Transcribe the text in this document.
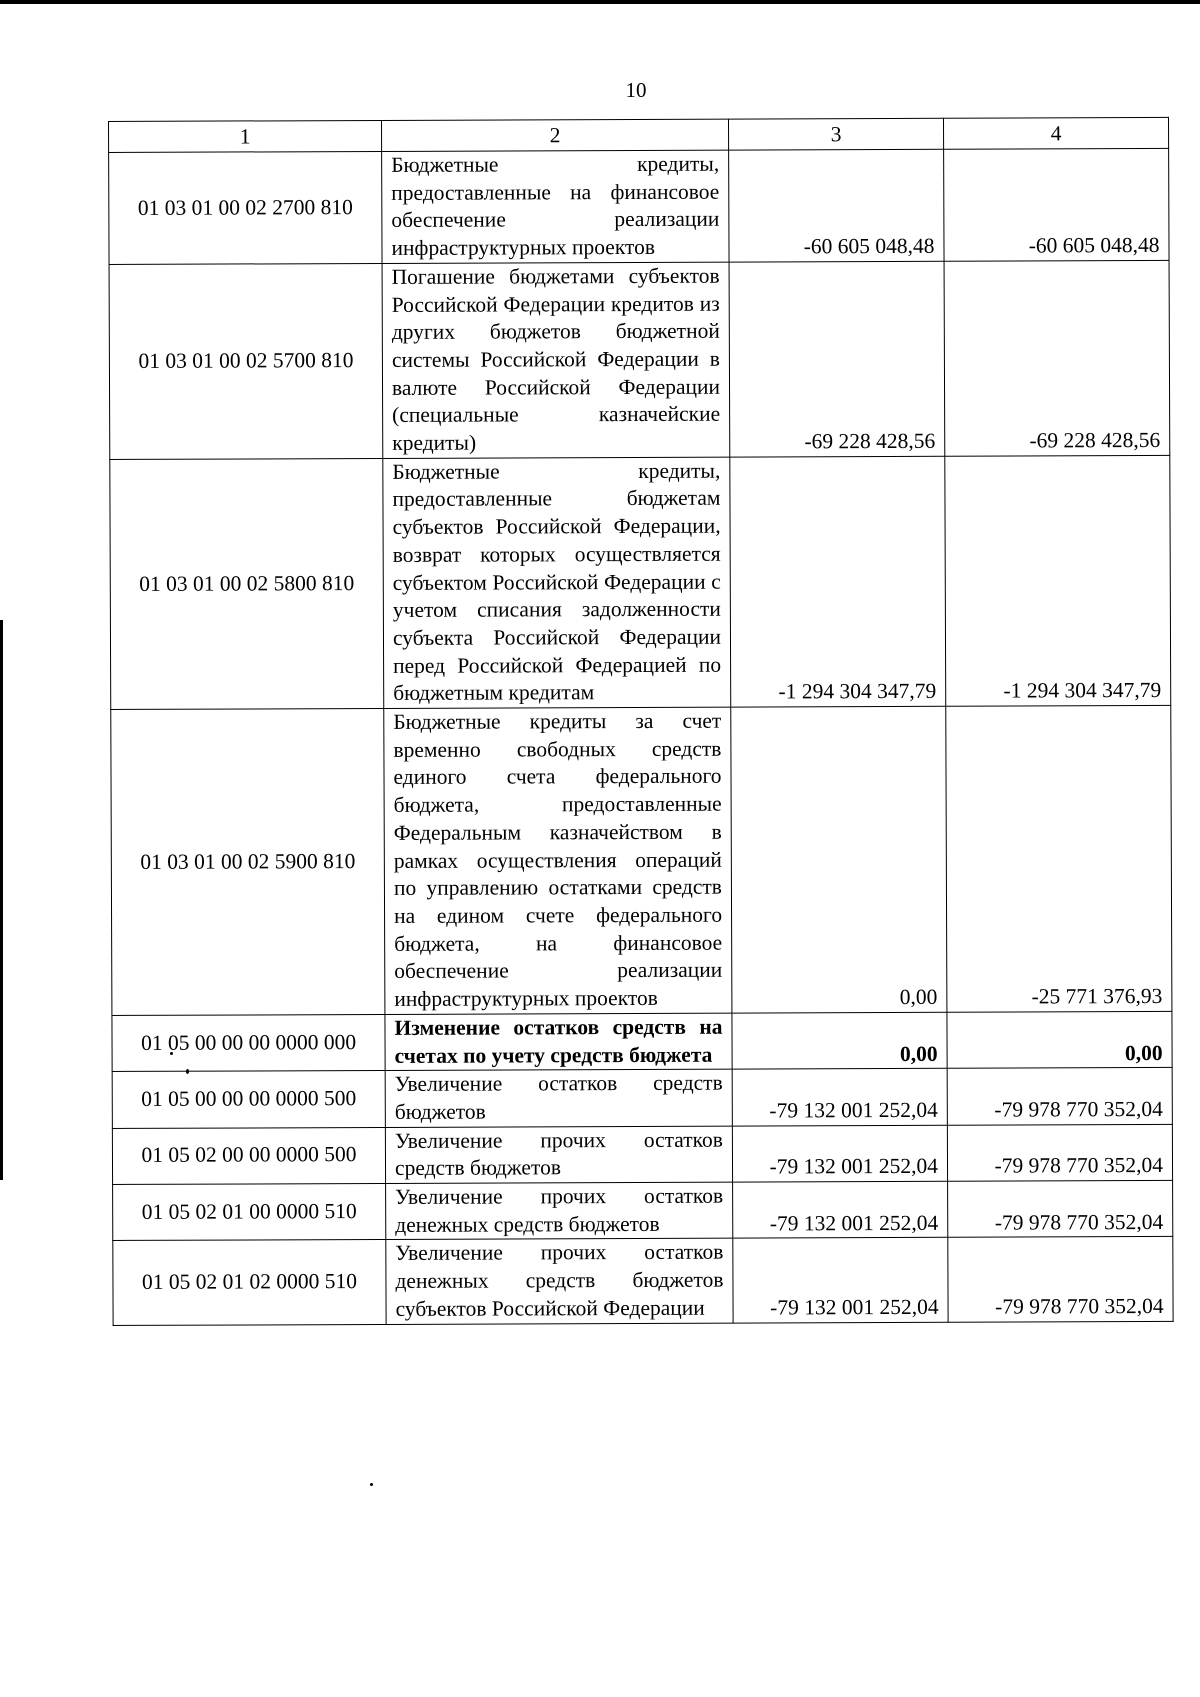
10
1	2	3	4
01 03 01 00 02 2700 810	Бюджетные кредиты, предоставленные на финансовое обеспечение реализации инфраструктурных проектов	-60 605 048,48	-60 605 048,48
01 03 01 00 02 5700 810	Погашение бюджетами субъектов Российской Федерации кредитов из других бюджетов бюджетной системы Российской Федерации в валюте Российской Федерации (специальные казначейские кредиты)	-69 228 428,56	-69 228 428,56
01 03 01 00 02 5800 810	Бюджетные кредиты, предоставленные бюджетам субъектов Российской Федерации, возврат которых осуществляется субъектом Российской Федерации с учетом списания задолженности субъекта Российской Федерации перед Российской Федерацией по бюджетным кредитам	-1 294 304 347,79	-1 294 304 347,79
01 03 01 00 02 5900 810	Бюджетные кредиты за счет временно свободных средств единого счета федерального бюджета, предоставленные Федеральным казначейством в рамках осуществления операций по управлению остатками средств на едином счете федерального бюджета, на финансовое обеспечение реализации инфраструктурных проектов	0,00	-25 771 376,93
01 05 00 00 00 0000 000	Изменение остатков средств на счетах по учету средств бюджета	0,00	0,00
01 05 00 00 00 0000 500	Увеличение остатков средств бюджетов	-79 132 001 252,04	-79 978 770 352,04
01 05 02 00 00 0000 500	Увеличение прочих остатков средств бюджетов	-79 132 001 252,04	-79 978 770 352,04
01 05 02 01 00 0000 510	Увеличение прочих остатков денежных средств бюджетов	-79 132 001 252,04	-79 978 770 352,04
01 05 02 01 02 0000 510	Увеличение прочих остатков денежных средств бюджетов субъектов Российской Федерации	-79 132 001 252,04	-79 978 770 352,04
